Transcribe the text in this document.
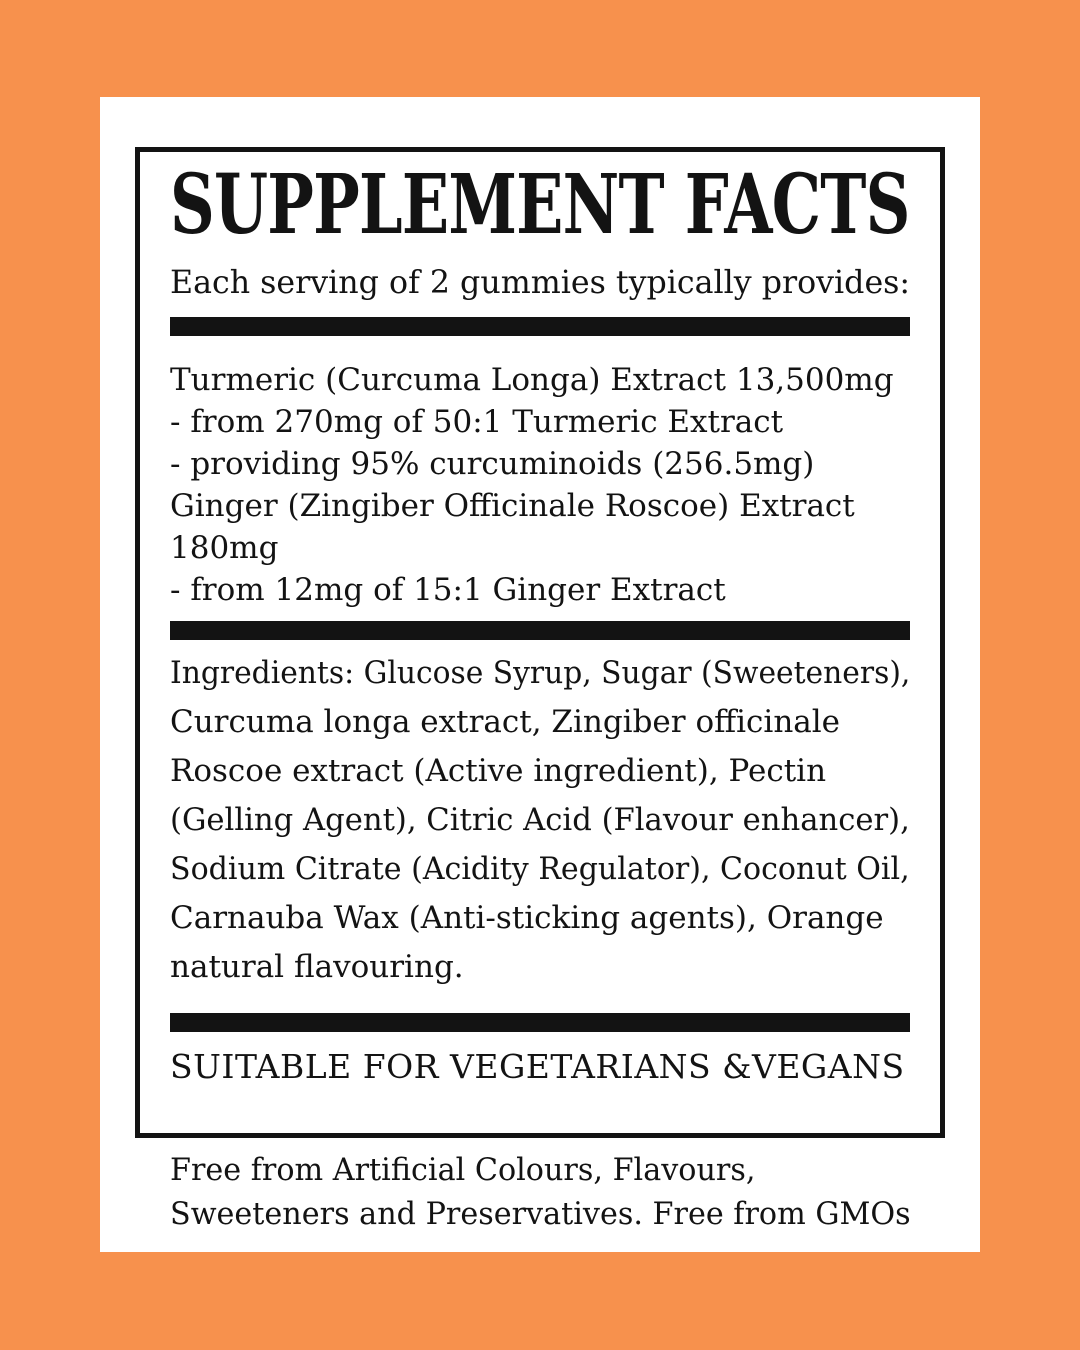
SUPPLEMENT FACTS

Each serving of 2 gummies typically provides:

Turmeric (Curcuma Longa) Extract 13,500mg
- from 270mg of 50:1 Turmeric Extract
- providing 95% curcuminoids (256.5mg)
Ginger (Zingiber Officinale Roscoe) Extract
180mg
- from 12mg of 15:1 Ginger Extract
Ingredients: Glucose Syrup, Sugar (Sweeteners),
Curcuma longa extract, Zingiber officinale
Roscoe extract (Active ingredient), Pectin
(Gelling Agent), Citric Acid (Flavour enhancer),
Sodium Citrate (Acidity Regulator), Coconut Oil,
Carnauba Wax (Anti-sticking agents), Orange
natural flavouring.

SUITABLE FOR VEGETARIANS &VEGANS

Free from Artificial Colours, Flavours,
Sweeteners and Preservatives. Free from GMOs
